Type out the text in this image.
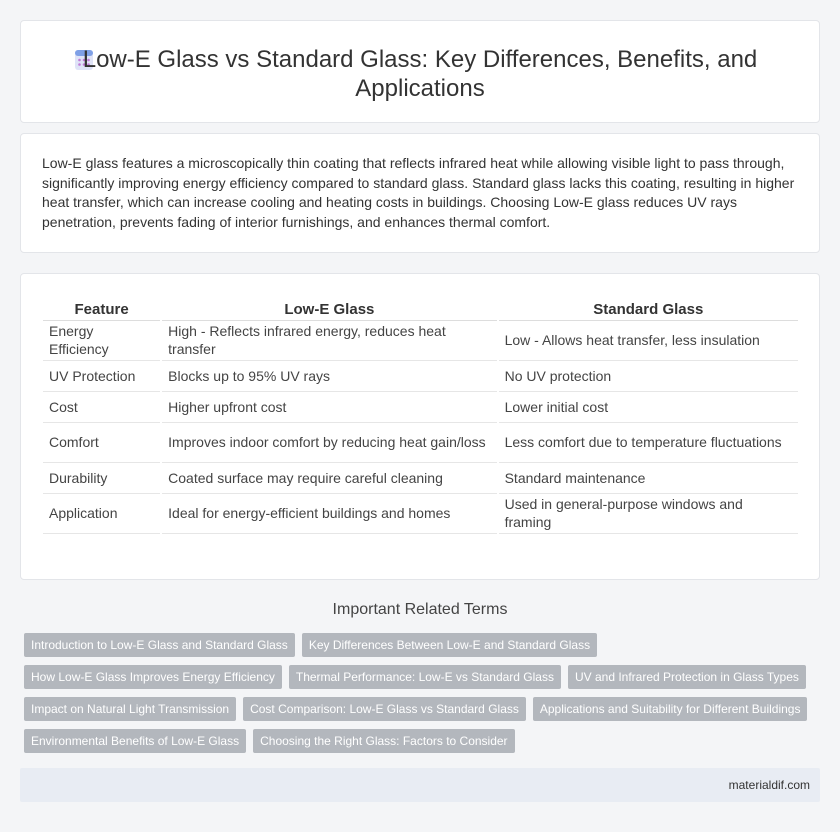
Low-E Glass vs Standard Glass: Key Differences, Benefits, and Applications

Low-E glass features a microscopically thin coating that reflects infrared heat while allowing visible light to pass through, significantly improving energy efficiency compared to standard glass. Standard glass lacks this coating, resulting in higher heat transfer, which can increase cooling and heating costs in buildings. Choosing Low-E glass reduces UV rays penetration, prevents fading of interior furnishings, and enhances thermal comfort.

Feature	Low-E Glass	Standard Glass
Energy Efficiency	High - Reflects infrared energy, reduces heat transfer	Low - Allows heat transfer, less insulation
UV Protection	Blocks up to 95% UV rays	No UV protection
Cost	Higher upfront cost	Lower initial cost
Comfort	Improves indoor comfort by reducing heat gain/loss	Less comfort due to temperature fluctuations
Durability	Coated surface may require careful cleaning	Standard maintenance
Application	Ideal for energy-efficient buildings and homes	Used in general-purpose windows and framing
Important Related Terms
Introduction to Low-E Glass and Standard Glass	Key Differences Between Low-E and Standard Glass
How Low-E Glass Improves Energy Efficiency	Thermal Performance: Low-E vs Standard Glass	UV and Infrared Protection in Glass Types
Impact on Natural Light Transmission	Cost Comparison: Low-E Glass vs Standard Glass	Applications and Suitability for Different Buildings
Environmental Benefits of Low-E Glass	Choosing the Right Glass: Factors to Consider
materialdif.com
